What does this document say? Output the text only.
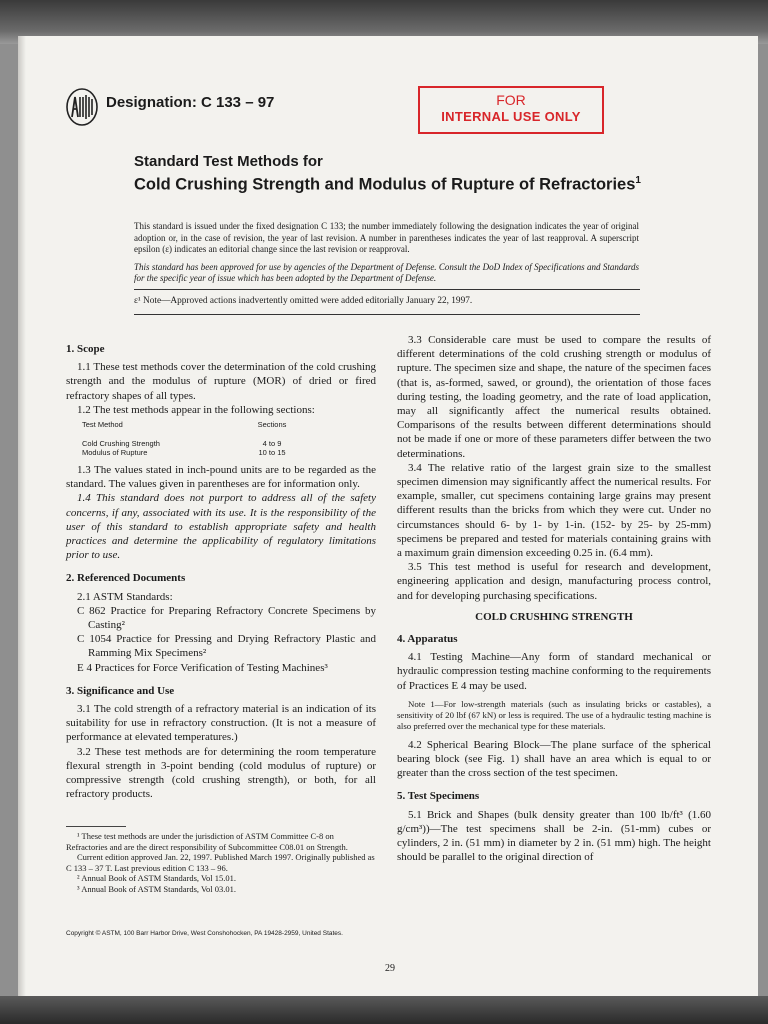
Designation: C 133 – 97	FOR
INTERNAL USE ONLY
Standard Test Methods for
Cold Crushing Strength and Modulus of Rupture of Refractories$^1$

This standard is issued under the fixed designation C 133; the number immediately following the designation indicates the year of original adoption or, in the case of revision, the year of last revision. A number in parentheses indicates the year of last reapproval. A superscript epsilon (ε) indicates an editorial change since the last revision or reapproval.

This standard has been approved for use by agencies of the Department of Defense. Consult the DoD Index of Specifications and Standards for the specific year of issue which has been adopted by the Department of Defense.

ε¹ Note—Approved actions inadvertently omitted were added editorially January 22, 1997.
1. Scope

1.1 These test methods cover the determination of the cold crushing strength and the modulus of rupture (MOR) of dried or fired refractory shapes of all types.

1.2 The test methods appear in the following sections:

Test Method	Sections
Cold Crushing Strength	4 to 9
Modulus of Rupture	10 to 15

1.3 The values stated in inch-pound units are to be regarded as the standard. The values given in parentheses are for information only.

1.4 This standard does not purport to address all of the safety concerns, if any, associated with its use. It is the responsibility of the user of this standard to establish appropriate safety and health practices and determine the applicability of regulatory limitations prior to use.

2. Referenced Documents

2.1 ASTM Standards:

C 862 Practice for Preparing Refractory Concrete Specimens by Casting²

C 1054 Practice for Pressing and Drying Refractory Plastic and Ramming Mix Specimens²

E 4 Practices for Force Verification of Testing Machines³

3. Significance and Use

3.1 The cold strength of a refractory material is an indication of its suitability for use in refractory construction. (It is not a measure of performance at elevated temperatures.)

3.2 These test methods are for determining the room temperature flexural strength in 3-point bending (cold modulus of rupture) or compressive strength (cold crushing strength), or both, for all refractory products.

3.3 Considerable care must be used to compare the results of different determinations of the cold crushing strength or modulus of rupture. The specimen size and shape, the nature of the specimen faces (that is, as-formed, sawed, or ground), the orientation of those faces during testing, the loading geometry, and the rate of load application, may all significantly affect the numerical results obtained. Comparisons of the results between different determinations should not be made if one or more of these parameters differ between the two determinations.

3.4 The relative ratio of the largest grain size to the smallest specimen dimension may significantly affect the numerical results. For example, smaller, cut specimens containing large grains may present different results than the bricks from which they were cut. Under no circumstances should 6- by 1- by 1-in. (152- by 25- by 25-mm) specimens be prepared and tested for materials containing grains with a maximum grain dimension exceeding 0.25 in. (6.4 mm).

3.5 This test method is useful for research and development, engineering application and design, manufacturing process control, and for developing purchasing specifications.

COLD CRUSHING STRENGTH
4. Apparatus

4.1 Testing Machine—Any form of standard mechanical or hydraulic compression testing machine conforming to the requirements of Practices E 4 may be used.

Note 1—For low-strength materials (such as insulating bricks or castables), a sensitivity of 20 lbf (67 kN) or less is required. The use of a hydraulic testing machine is also preferred over the mechanical type for these materials.

4.2 Spherical Bearing Block—The plane surface of the spherical bearing block (see Fig. 1) shall have an area which is equal to or greater than the cross section of the test specimen.

5. Test Specimens

5.1 Brick and Shapes (bulk density greater than 100 lb/ft³ (1.60 g/cm³))—The test specimens shall be 2-in. (51-mm) cubes or cylinders, 2 in. (51 mm) in diameter by 2 in. (51 mm) high. The height should be parallel to the original direction of

¹ These test methods are under the jurisdiction of ASTM Committee C-8 on Refractories and are the direct responsibility of Subcommittee C08.01 on Strength.

Current edition approved Jan. 22, 1997. Published March 1997. Originally published as C 133 – 37 T. Last previous edition C 133 – 96.

² Annual Book of ASTM Standards, Vol 15.01.

³ Annual Book of ASTM Standards, Vol 03.01.

Copyright © ASTM, 100 Barr Harbor Drive, West Conshohocken, PA 19428-2959, United States.
29
